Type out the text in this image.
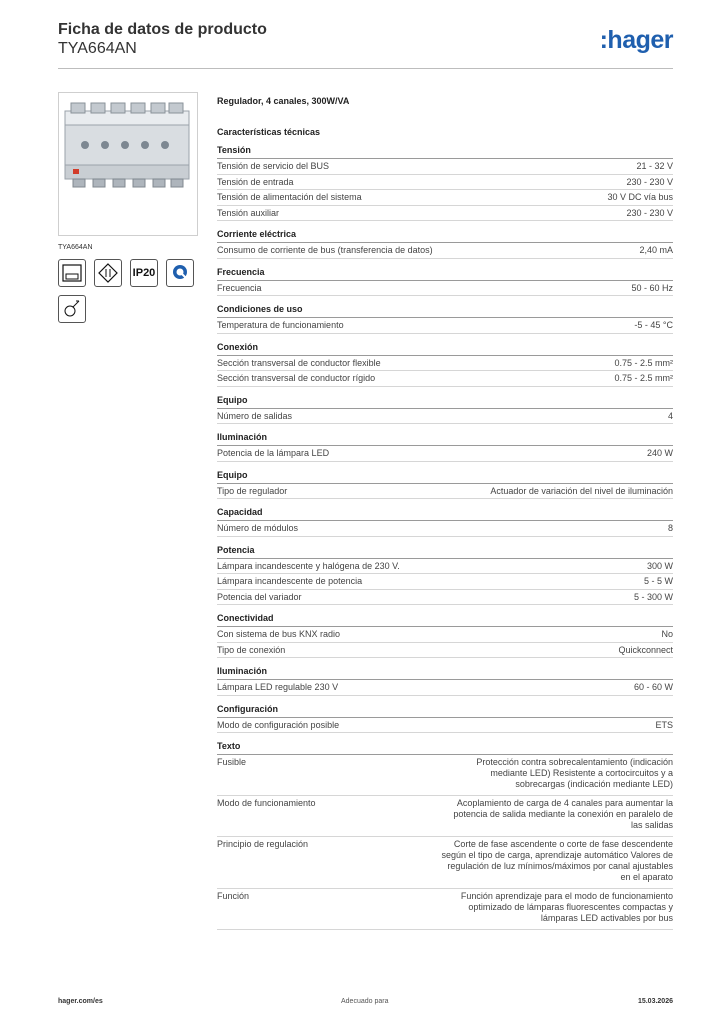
Ficha de datos de producto
TYA664AN	:hager
TYA664AN
IP20
Regulador, 4 canales, 300W/VA
Características técnicas
Tensión
Tensión de servicio del BUS	21 - 32 V
Tensión de entrada	230 - 230 V
Tensión de alimentación del sistema	30 V DC vía bus
Tensión auxiliar	230 - 230 V
Corriente eléctrica
Consumo de corriente de bus (transferencia de datos)	2,40 mA
Frecuencia
Frecuencia	50 - 60 Hz
Condiciones de uso
Temperatura de funcionamiento	-5 - 45 °C
Conexión
Sección transversal de conductor flexible	0.75 - 2.5 mm²
Sección transversal de conductor rígido	0.75 - 2.5 mm²
Equipo
Número de salidas	4
Iluminación
Potencia de la lámpara LED	240 W
Equipo
Tipo de regulador	Actuador de variación del nivel de iluminación
Capacidad
Número de módulos	8
Potencia
Lámpara incandescente y halógena de 230 V.	300 W
Lámpara incandescente de potencia	5 - 5 W
Potencia del variador	5 - 300 W
Conectividad
Con sistema de bus KNX radio	No
Tipo de conexión	Quickconnect
Iluminación
Lámpara LED regulable 230 V	60 - 60 W
Configuración
Modo de configuración posible	ETS
Texto
Fusible	Protección contra sobrecalentamiento (indicación mediante LED) Resistente a cortocircuitos y a sobrecargas (indicación mediante LED)
Modo de funcionamiento	Acoplamiento de carga de 4 canales para aumentar la potencia de salida mediante la conexión en paralelo de las salidas
Principio de regulación	Corte de fase ascendente o corte de fase descendente según el tipo de carga, aprendizaje automático Valores de regulación de luz mínimos/máximos por canal ajustables en el aparato
Función	Función aprendizaje para el modo de funcionamiento optimizado de lámparas fluorescentes compactas y lámparas LED activables por bus
hager.com/es	Adecuado para	15.03.2026
